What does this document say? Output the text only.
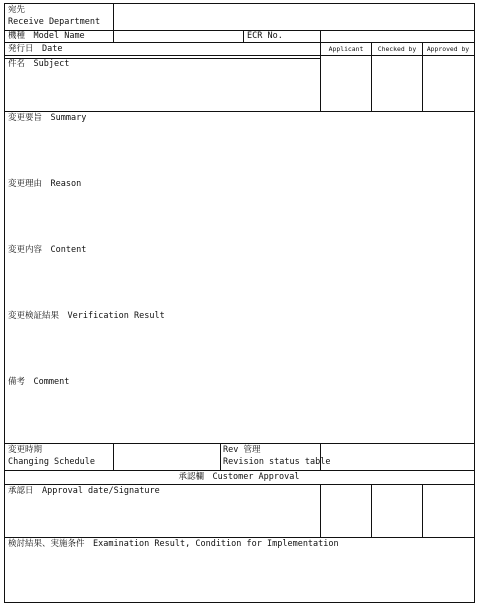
宛先
Receive Department
機種　Model Name	ECR No.
発行日　Date	Applicant Checked by Approved by
件名　Subject
変更要旨　Summary
変更理由　Reason
変更内容　Content
変更検証結果　Verification Result
備考　Comment
変更時期
Changing Schedule
Rev 管理
Revision status table
承認欄　Customer Approval
承認日　Approval date/Signature
検討結果、実施条件　Examination Result, Condition for Implementation
